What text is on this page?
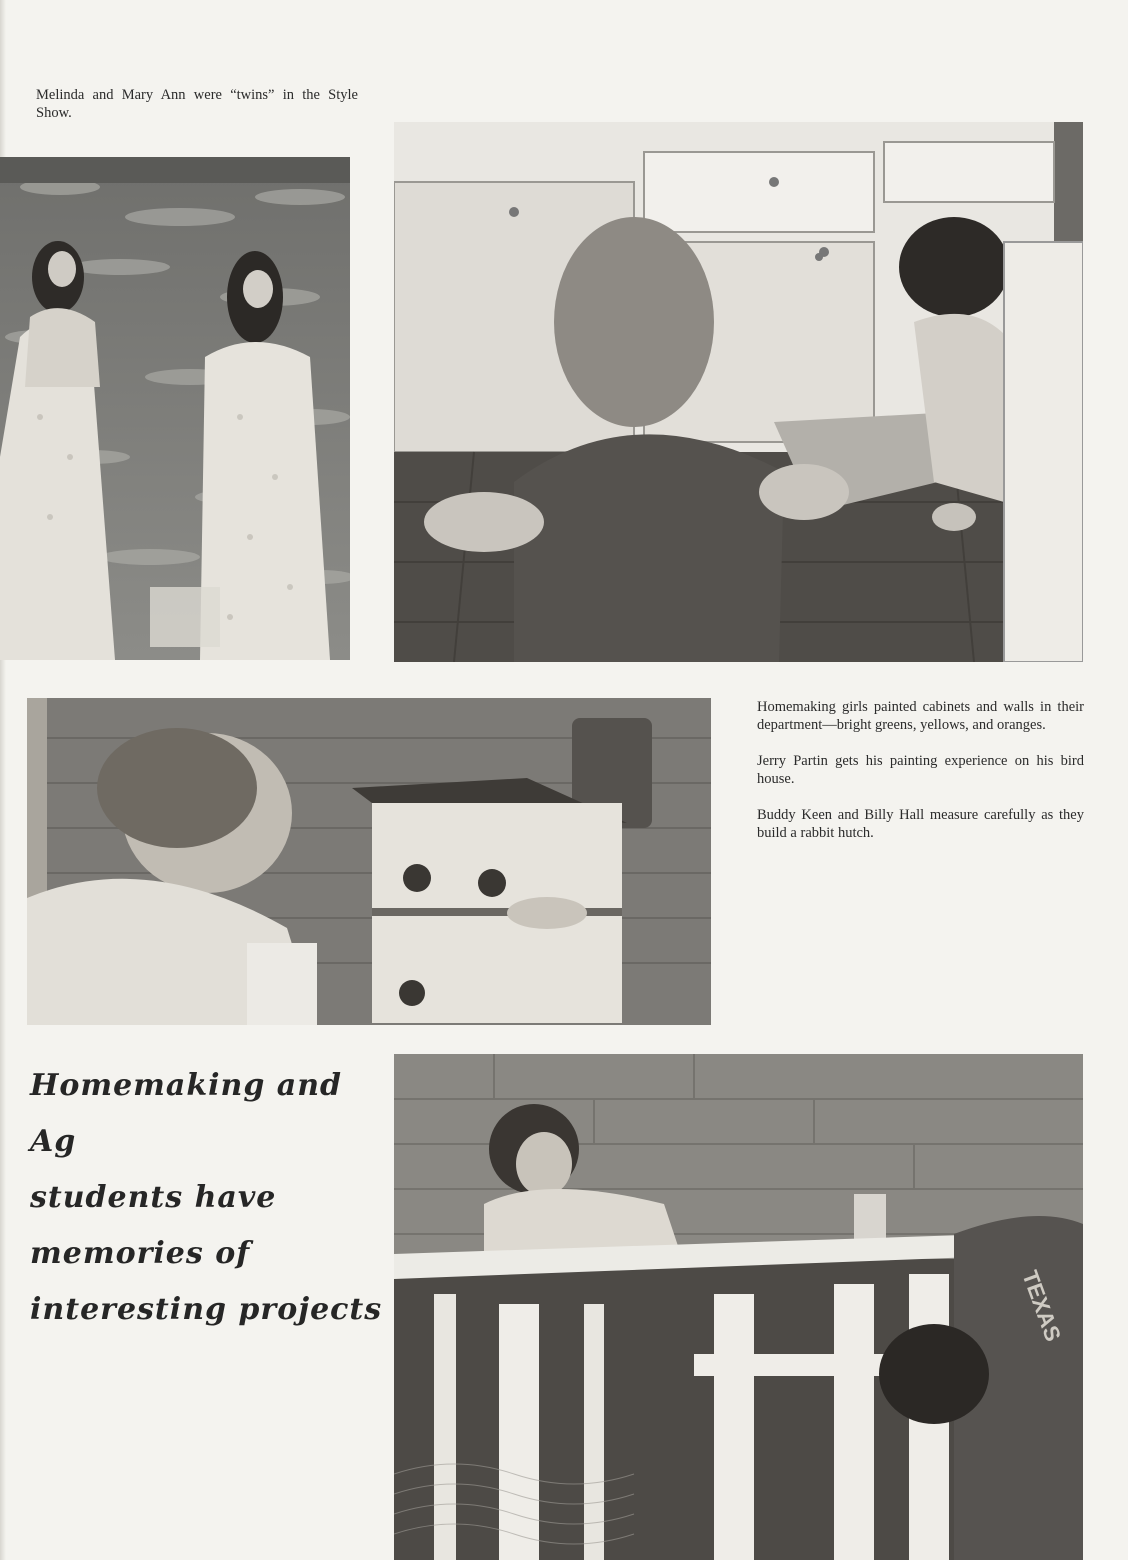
Melinda and Mary Ann were “twins” in the Style Show.

Homemaking girls painted cabinets and walls in their department—bright greens, yellows, and oranges.

Jerry Partin gets his painting experience on his bird house.

Buddy Keen and Billy Hall measure carefully as they build a rabbit hutch.

Homemaking and Ag
students have
memories of
interesting projects	TEXAS
